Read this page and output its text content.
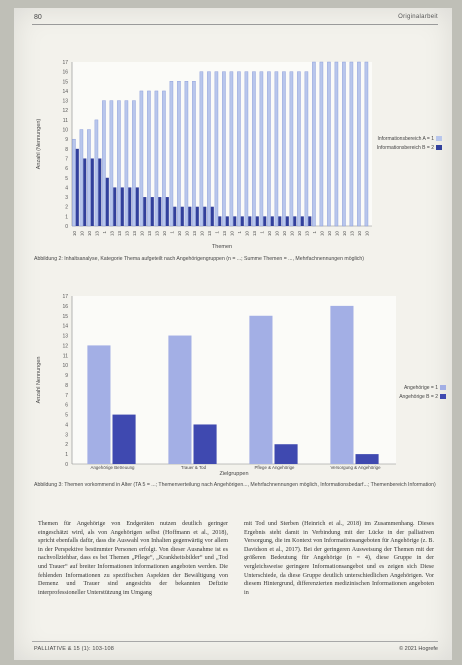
80	Originalarbeit
0
1
2
3
4
5
6
7
8
9
10
11
12
13
14
15
16
17
10 10 10 13 1 13 13 13 13 10 13 13 10 1 10 10 13 10 13 1 13 10 1 10 13 1 10 10 10 10 10 13 1 10 10 10 10 13 10 10
Themen
Anzahl (Nennungen)	Informationsbereich A = 1
Informationsbereich B = 2
Abbildung 2: Inhaltsanalyse, Kategorie Thema aufgeteilt nach Angehörigengruppen (n = ...; Summe Themen = ..., Mehrfachnennungen möglich)
0
1
2
3
4
5
6
7
8
9
10
11
12
13
14
15
16
17
Angehörige Betreuung	Trauer & Tod	Pflege & Angehörige	Versorgung & Angehörige
Zielgruppen
Anzahl Nennungen	Angehörige = 1
Angehörige B = 2
Abbildung 3: Themen vorkommend in Alter (TA 5 = ...; Themenverteilung nach Angehörigen..., Mehrfachnennungen möglich, Informationsbedarf...; Themenbereich Information)
Themen für Angehörige von Endgeräten nutzen deutlich geringer eingeschätzt wird, als von Angehörigen selbst (Hoffmann et al., 2018), spricht ebenfalls dafür, dass die Auswahl von Inhalten gegenwärtig vor allem in der Perspektive bestimmter Personen erfolgt. Von dieser Ausnahme ist es nachvollziehbar, dass es bei Themen „Pflege“, „Krankheitsbilder“ und „Tod und Trauer“ auf breiter Informationen informationen angeboten werden. Die fehlenden Informationen zu spezifischen Aspekten der Bewältigung von Demenz und Trauer sind angesichts der bekannten Defizite interprofessioneller Unterstützung im Umgang
mit Tod und Sterben (Heinrich et al., 2018) im Zusammenhang. Dieses Ergebnis steht damit in Verbindung mit der Lücke in der palliativen Versorgung, die im Kontext von Informationsangeboten für Angehörige (z. B. Davidson et al., 2017). Bei der geringeren Ausweisung der Themen mit der größeren Bedeutung für Angehörige (n = 4), diese Gruppe in der vergleichsweise geringere Informationsangebot und es zeigen sich Diese Unterschiede, da diese Gruppe deutlich unterschiedlichen Angehörigen. Vor diesem Hintergrund, differenzierten medizinischen Informationen angeboten in
PALLIATIVE & 15 (1): 103-108	© 2021 Hogrefe
